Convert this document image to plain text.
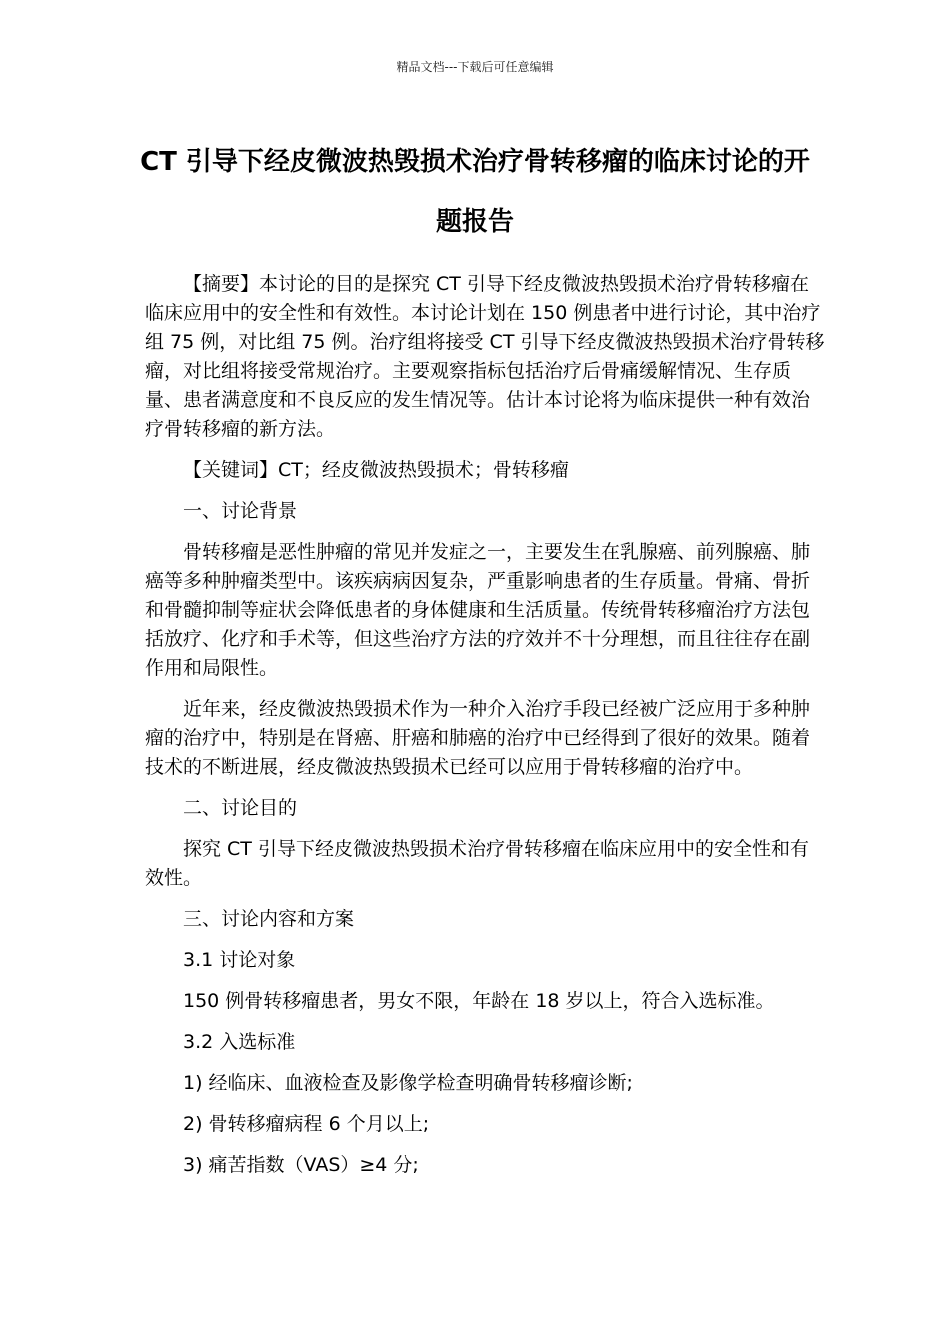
精品文档---下载后可任意编辑
CT 引导下经皮微波热毁损术治疗骨转移瘤的临床讨论的开题报告

【摘要】本讨论的目的是探究 CT 引导下经皮微波热毁损术治疗骨转移瘤在临床应用中的安全性和有效性。本讨论计划在 150 例患者中进行讨论，其中治疗组 75 例，对比组 75 例。治疗组将接受 CT 引导下经皮微波热毁损术治疗骨转移瘤，对比组将接受常规治疗。主要观察指标包括治疗后骨痛缓解情况、生存质量、患者满意度和不良反应的发生情况等。估计本讨论将为临床提供一种有效治疗骨转移瘤的新方法。

【关键词】CT；经皮微波热毁损术；骨转移瘤

一、讨论背景

骨转移瘤是恶性肿瘤的常见并发症之一，主要发生在乳腺癌、前列腺癌、肺癌等多种肿瘤类型中。该疾病病因复杂，严重影响患者的生存质量。骨痛、骨折和骨髓抑制等症状会降低患者的身体健康和生活质量。传统骨转移瘤治疗方法包括放疗、化疗和手术等，但这些治疗方法的疗效并不十分理想，而且往往存在副作用和局限性。

近年来，经皮微波热毁损术作为一种介入治疗手段已经被广泛应用于多种肿瘤的治疗中，特别是在肾癌、肝癌和肺癌的治疗中已经得到了很好的效果。随着技术的不断进展，经皮微波热毁损术已经可以应用于骨转移瘤的治疗中。

二、讨论目的

探究 CT 引导下经皮微波热毁损术治疗骨转移瘤在临床应用中的安全性和有效性。

三、讨论内容和方案

3.1 讨论对象

150 例骨转移瘤患者，男女不限，年龄在 18 岁以上，符合入选标准。

3.2 入选标准

1) 经临床、血液检查及影像学检查明确骨转移瘤诊断;

2) 骨转移瘤病程 6 个月以上;

3) 痛苦指数（VAS）≥4 分;
